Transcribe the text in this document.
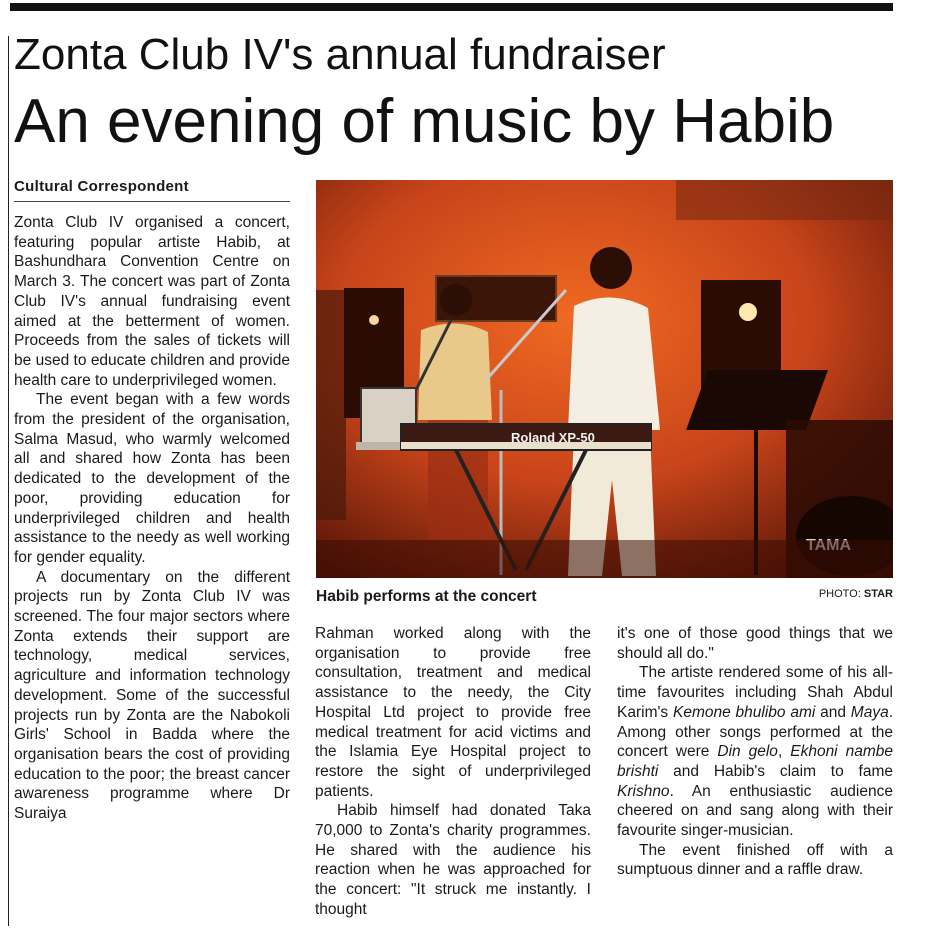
Zonta Club IV's annual fundraiser
An evening of music by Habib
Cultural Correspondent

Zonta Club IV organised a concert, featuring popular artiste Habib, at Bashundhara Convention Centre on March 3. The concert was part of Zonta Club IV's annual fundraising event aimed at the betterment of women. Proceeds from the sales of tickets will be used to educate children and provide health care to underprivileged women.

The event began with a few words from the president of the organisation, Salma Masud, who warmly welcomed all and shared how Zonta has been dedicated to the development of the poor, providing education for underprivileged children and health assistance to the needy as well working for gender equality.

A documentary on the different projects run by Zonta Club IV was screened. The four major sectors where Zonta extends their support are technology, medical services, agriculture and information technology development. Some of the successful projects run by Zonta are the Nabokoli Girls' School in Badda where the organisation bears the cost of providing education to the poor; the breast cancer awareness programme where Dr Suraiya

Roland XP-50
Habib performs at the concert	PHOTO: STAR

Rahman worked along with the organisation to provide free consultation, treatment and medical assistance to the needy, the City Hospital Ltd project to provide free medical treatment for acid victims and the Islamia Eye Hospital project to restore the sight of underprivileged patients.

Habib himself had donated Taka 70,000 to Zonta's charity programmes. He shared with the audience his reaction when he was approached for the concert: "It struck me instantly. I thought

it's one of those good things that we should all do."

The artiste rendered some of his all-time favourites including Shah Abdul Karim's Kemone bhulibo ami and Maya. Among other songs performed at the concert were Din gelo, Ekhoni nambe brishti and Habib's claim to fame Krishno. An enthusiastic audience cheered on and sang along with their favourite singer-musician.

The event finished off with a sumptuous dinner and a raffle draw.
